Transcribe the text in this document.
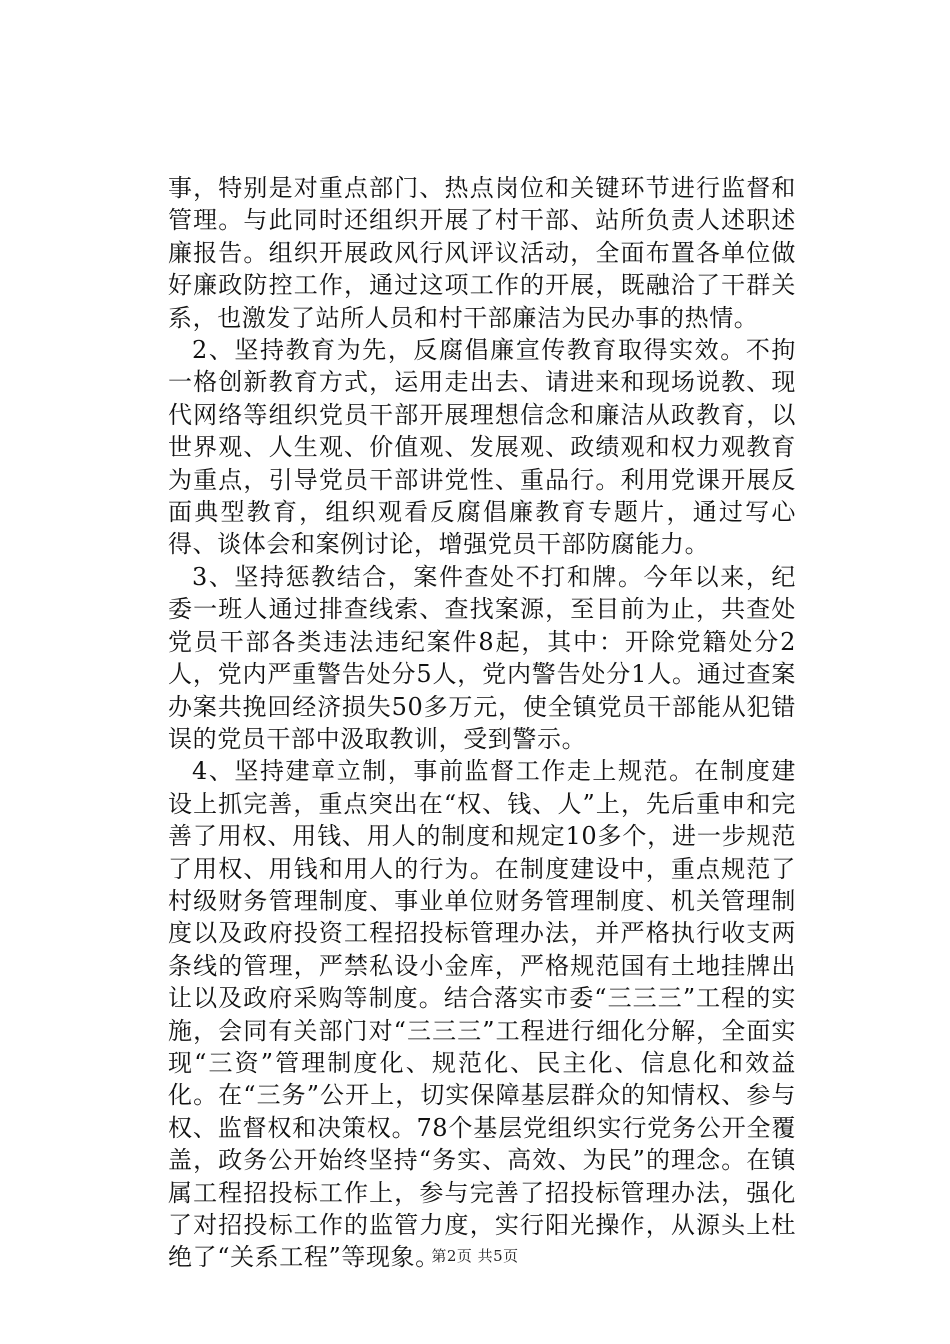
事，特别是对重点部门、热点岗位和关键环节进行监督和管理。与此同时还组织开展了村干部、站所负责人述职述廉报告。组织开展政风行风评议活动，全面布置各单位做好廉政防控工作，通过这项工作的开展，既融洽了干群关系，也激发了站所人员和村干部廉洁为民办事的热情。

2、坚持教育为先，反腐倡廉宣传教育取得实效。不拘一格创新教育方式，运用走出去、请进来和现场说教、现代网络等组织党员干部开展理想信念和廉洁从政教育，以世界观、人生观、价值观、发展观、政绩观和权力观教育为重点，引导党员干部讲党性、重品行。利用党课开展反面典型教育，组织观看反腐倡廉教育专题片，通过写心得、谈体会和案例讨论，增强党员干部防腐能力。

3、坚持惩教结合，案件查处不打和牌。今年以来，纪委一班人通过排查线索、查找案源，至目前为止，共查处党员干部各类违法违纪案件8起，其中：开除党籍处分2人，党内严重警告处分5人，党内警告处分1人。通过查案办案共挽回经济损失50多万元，使全镇党员干部能从犯错误的党员干部中汲取教训，受到警示。

4、坚持建章立制，事前监督工作走上规范。在制度建设上抓完善，重点突出在“权、钱、人”上，先后重申和完善了用权、用钱、用人的制度和规定10多个，进一步规范了用权、用钱和用人的行为。在制度建设中，重点规范了村级财务管理制度、事业单位财务管理制度、机关管理制度以及政府投资工程招投标管理办法，并严格执行收支两条线的管理，严禁私设小金库，严格规范国有土地挂牌出让以及政府采购等制度。结合落实市委“三三三”工程的实施，会同有关部门对“三三三”工程进行细化分解，全面实现“三资”管理制度化、规范化、民主化、信息化和效益化。在“三务”公开上，切实保障基层群众的知情权、参与权、监督权和决策权。78个基层党组织实行党务公开全覆盖，政务公开始终坚持“务实、高效、为民”的理念。在镇属工程招投标工作上，参与完善了招投标管理办法，强化了对招投标工作的监管力度，实行阳光操作，从源头上杜绝了“关系工程”等现象。

第2页 共5页
